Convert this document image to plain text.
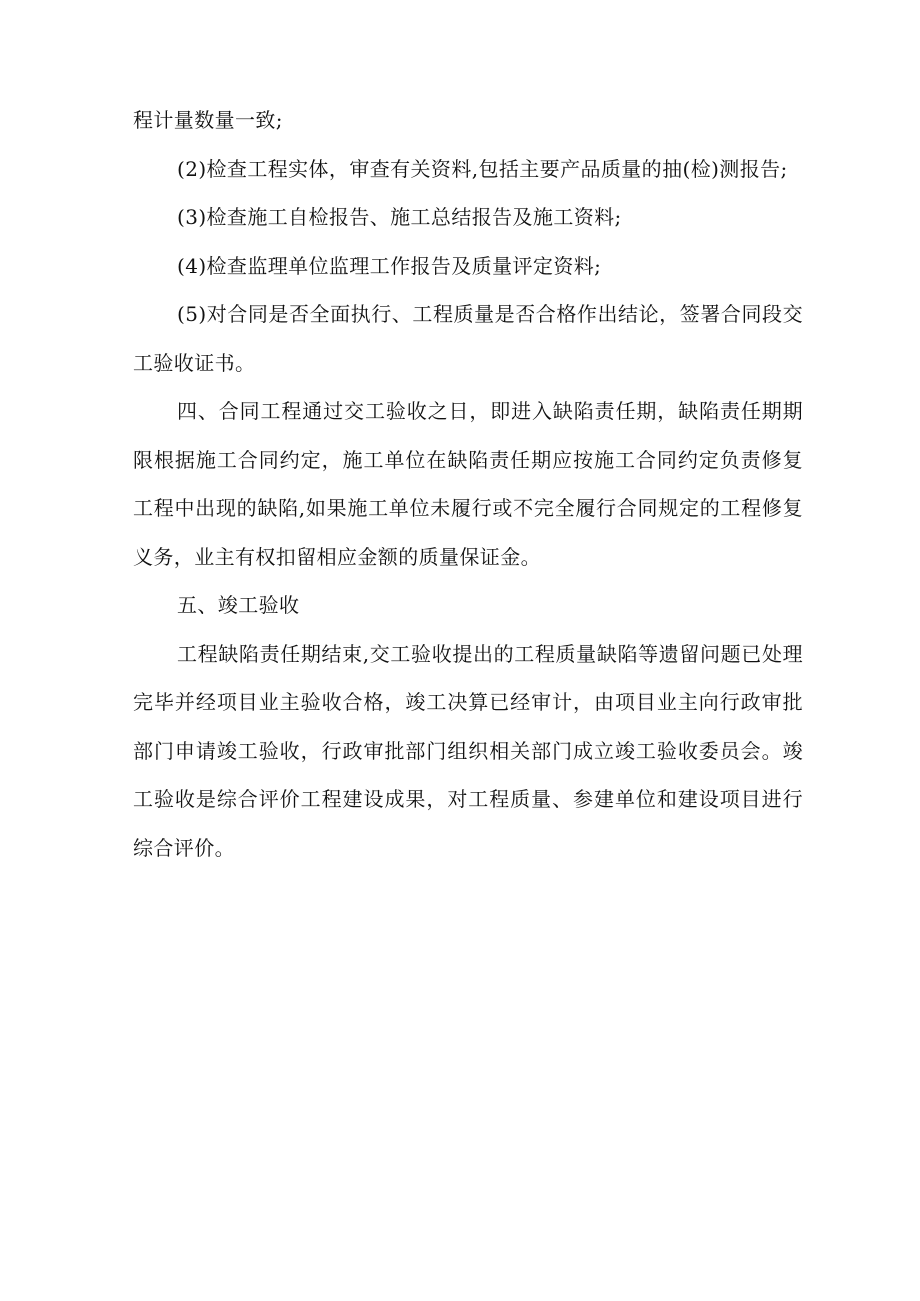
程计量数量一致;

(2)检查工程实体，审查有关资料,包括主要产品质量的抽(检)测报告;

(3)检查施工自检报告、施工总结报告及施工资料;

(4)检查监理单位监理工作报告及质量评定资料;

(5)对合同是否全面执行、工程质量是否合格作出结论，签署合同段交工验收证书。

四、合同工程通过交工验收之日，即进入缺陷责任期，缺陷责任期期限根据施工合同约定，施工单位在缺陷责任期应按施工合同约定负责修复工程中出现的缺陷,如果施工单位未履行或不完全履行合同规定的工程修复义务，业主有权扣留相应金额的质量保证金。

五、竣工验收

工程缺陷责任期结束,交工验收提出的工程质量缺陷等遗留问题已处理完毕并经项目业主验收合格，竣工决算已经审计，由项目业主向行政审批部门申请竣工验收，行政审批部门组织相关部门成立竣工验收委员会。竣工验收是综合评价工程建设成果，对工程质量、参建单位和建设项目进行综合评价。
